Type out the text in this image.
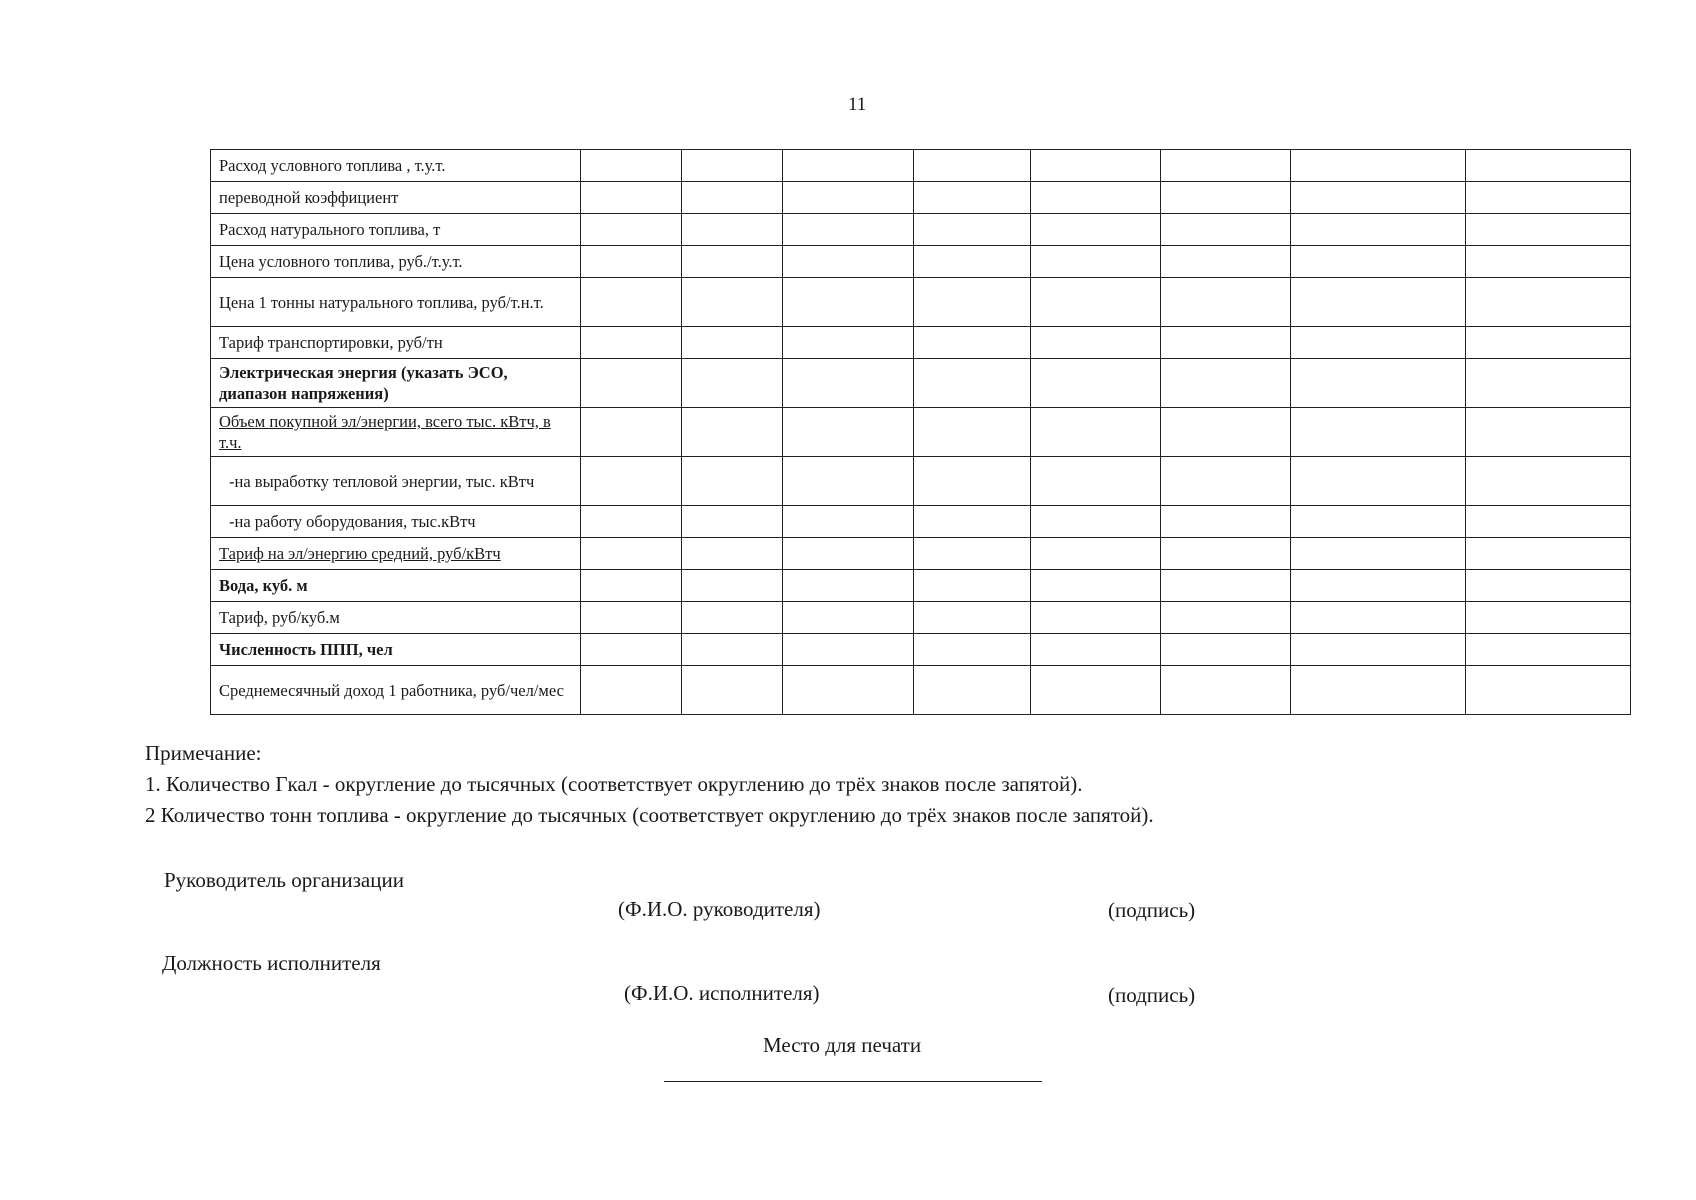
11
Расход условного топлива , т.у.т.								
переводной коэффициент								
Расход натурального топлива, т								
Цена условного топлива, руб./т.у.т.								
Цена 1 тонны натурального топлива, руб/т.н.т.								
Тариф транспортировки, руб/тн								
Электрическая энергия (указать ЭСО, диапазон напряжения)								
Объем покупной эл/энергии, всего тыс. кВтч, в т.ч.								
-на выработку тепловой энергии, тыс. кВтч								
-на работу оборудования, тыс.кВтч								
Тариф на эл/энергию средний, руб/кВтч								
Вода, куб. м								
Тариф, руб/куб.м								
Численность ППП, чел								
Среднемесячный доход 1 работника, руб/чел/мес								
Примечание:
1. Количество Гкал - округление до тысячных (соответствует округлению до трёх знаков после запятой).
2 Количество тонн топлива - округление до тысячных (соответствует округлению до трёх знаков после запятой).
Руководитель организации
(Ф.И.О. руководителя)	(подпись)
Должность исполнителя
(Ф.И.О. исполнителя)	(подпись)
Место для печати
